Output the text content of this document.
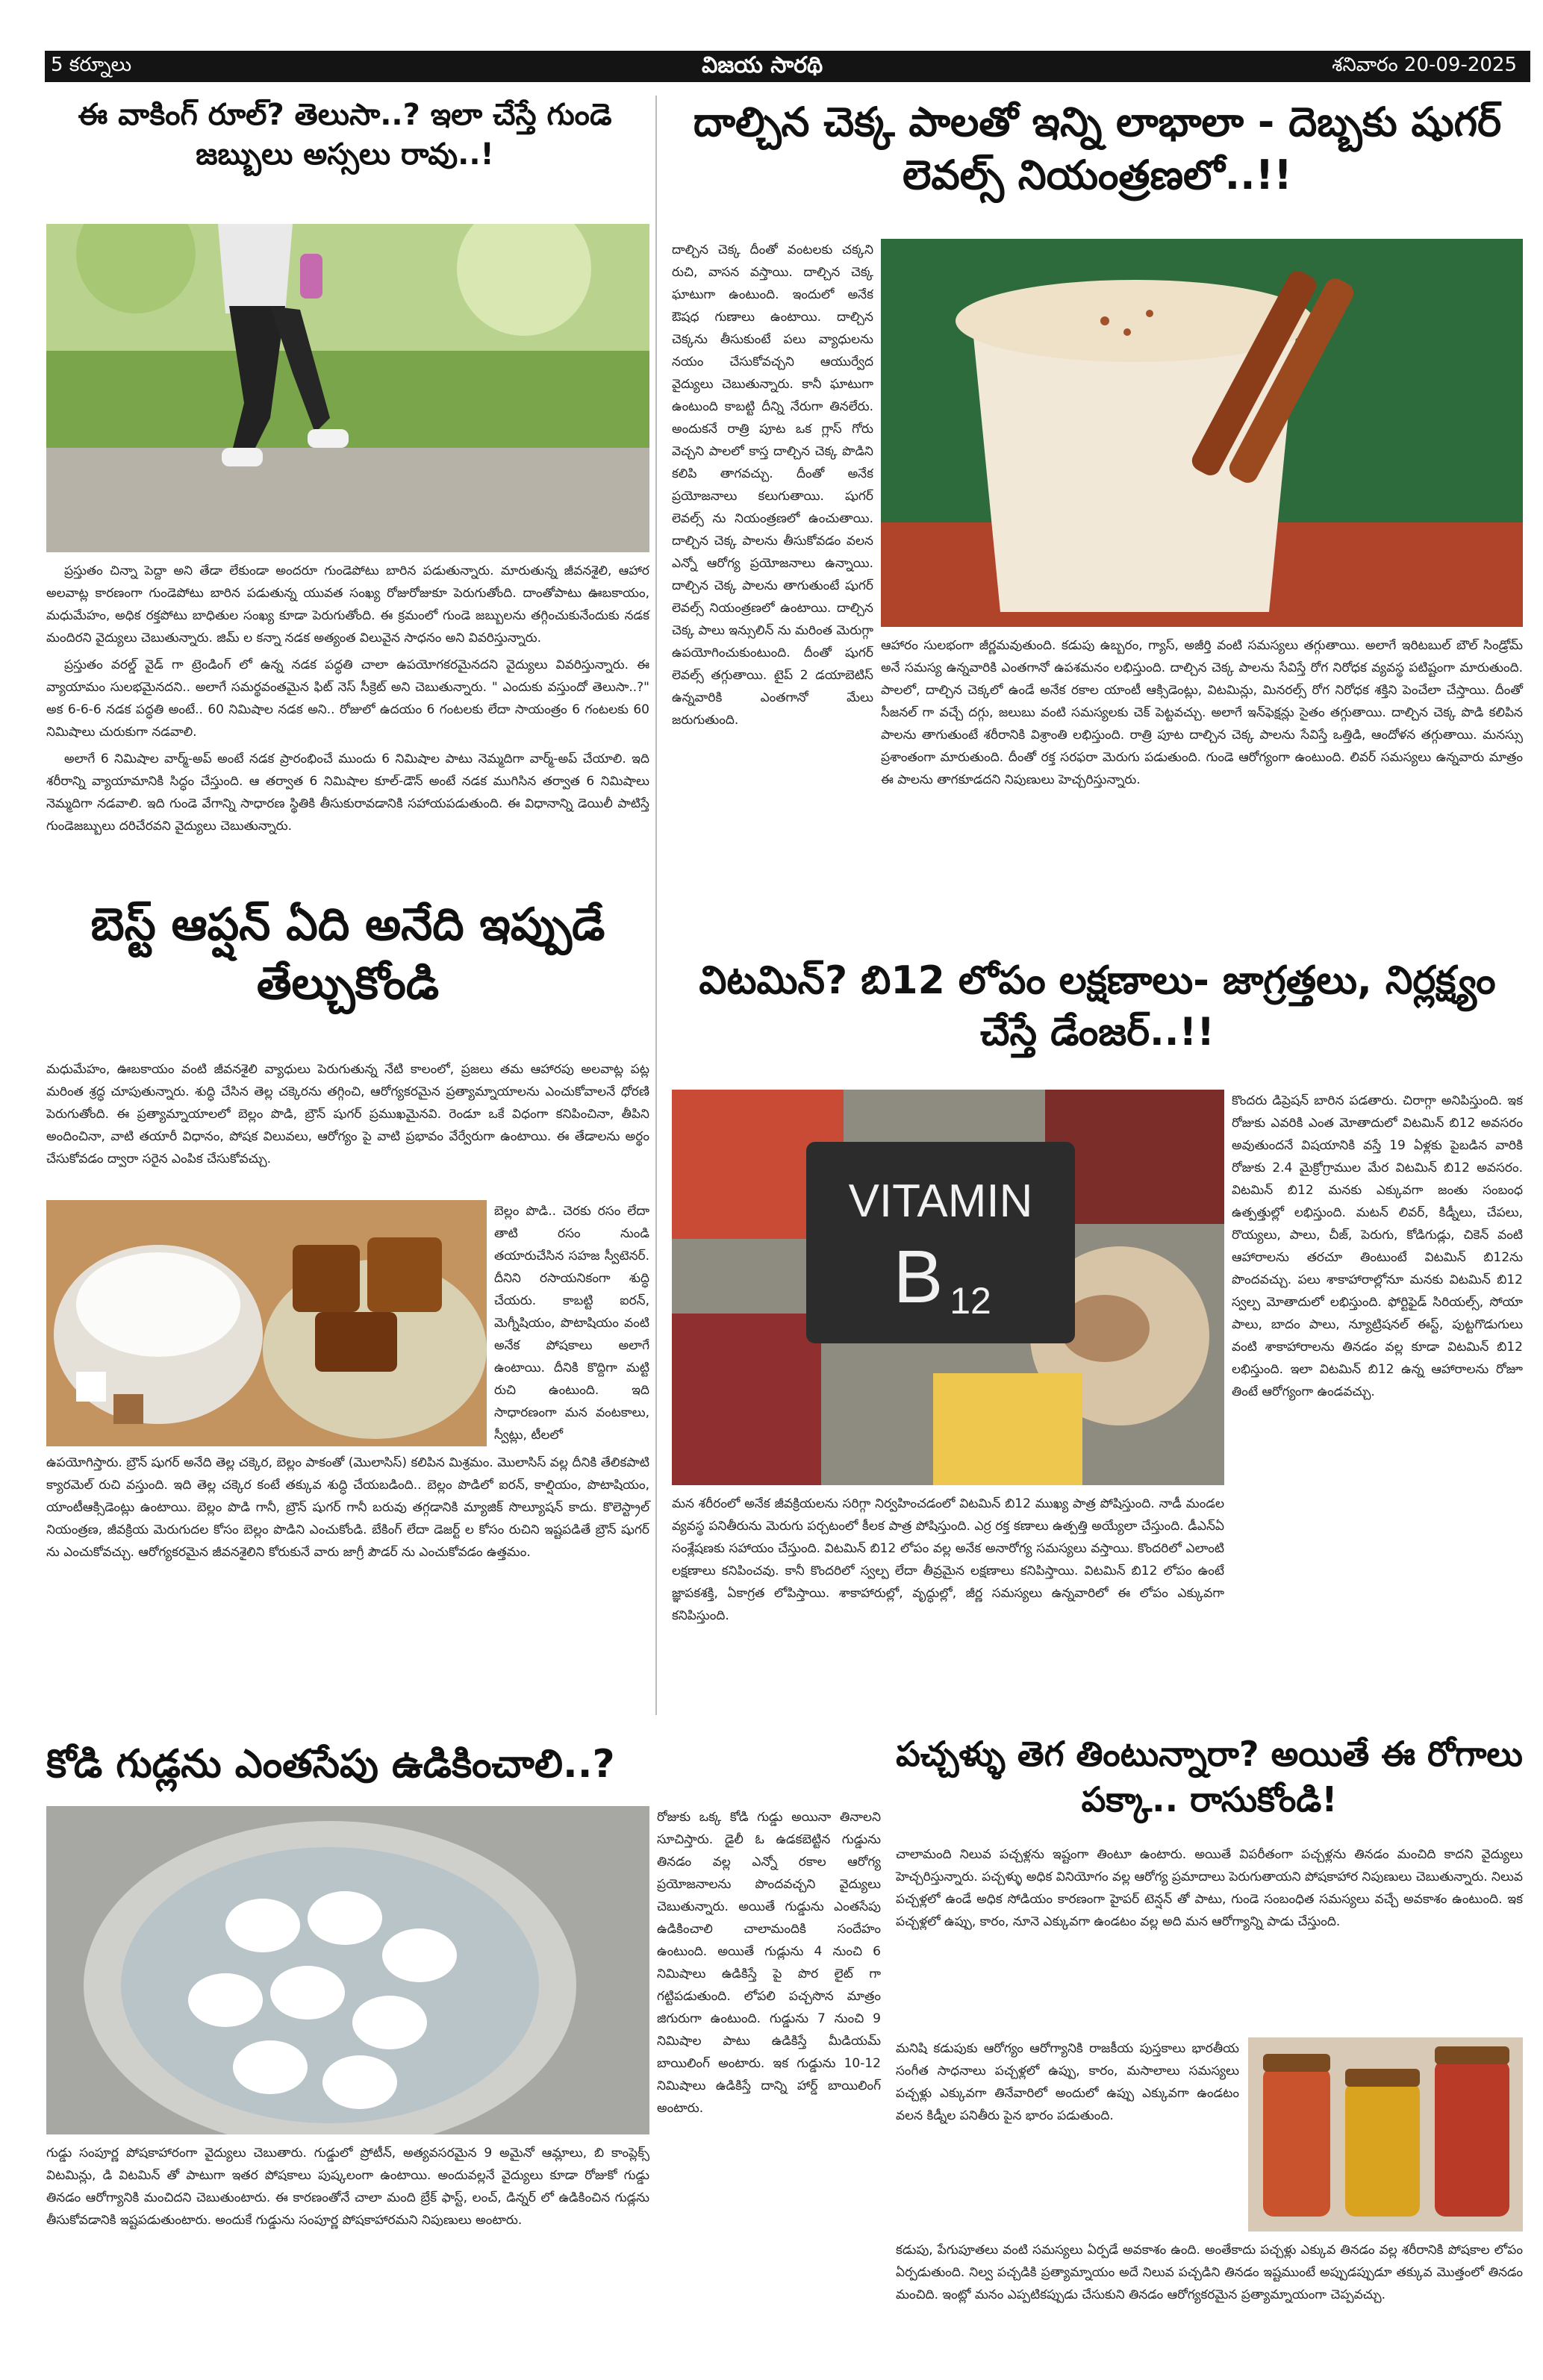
5 కర్నూలు	విజయ సారథి	శనివారం 20-09-2025
ఈ వాకింగ్ రూల్? తెలుసా..? ఇలా చేస్తే గుండె జబ్బులు అస్సలు రావు..!

ప్రస్తుతం చిన్నా పెద్దా అని తేడా లేకుండా అందరూ గుండెపోటు బారిన పడుతున్నారు. మారుతున్న జీవనశైలి, ఆహార అలవాట్ల కారణంగా గుండెపోటు బారిన పడుతున్న యువత సంఖ్య రోజురోజుకూ పెరుగుతోంది. దాంతోపాటు ఊబకాయం, మధుమేహం, అధిక రక్తపోటు బాధితుల సంఖ్య కూడా పెరుగుతోంది. ఈ క్రమంలో గుండె జబ్బులను తగ్గించుకునేందుకు నడక మందిరని వైద్యులు చెబుతున్నారు. జిమ్ ల కన్నా నడక అత్యంత విలువైన సాధనం అని వివరిస్తున్నారు.

ప్రస్తుతం వరల్డ్ వైడ్ గా ట్రెండింగ్ లో ఉన్న నడక పద్ధతి చాలా ఉపయోగకరమైనదని వైద్యులు వివరిస్తున్నారు. ఈ వ్యాయామం సులభమైనదని.. అలాగే సమర్థవంతమైన ఫిట్ నెస్ సీక్రెట్ అని చెబుతున్నారు. " ఎందుకు వస్తుందో తెలుసా..?" అక 6-6-6 నడక పద్ధతి అంటే.. 60 నిమిషాల నడక అని.. రోజులో ఉదయం 6 గంటలకు లేదా సాయంత్రం 6 గంటలకు 60 నిమిషాలు చురుకుగా నడవాలి.

అలాగే 6 నిమిషాల వార్మ్-అప్ అంటే నడక ప్రారంభించే ముందు 6 నిమిషాల పాటు నెమ్మదిగా వార్మ్-అప్ చేయాలి. ఇది శరీరాన్ని వ్యాయామానికి సిద్ధం చేస్తుంది. ఆ తర్వాత 6 నిమిషాల కూల్-డౌన్ అంటే నడక ముగిసిన తర్వాత 6 నిమిషాలు నెమ్మదిగా నడవాలి. ఇది గుండె వేగాన్ని సాధారణ స్థితికి తీసుకురావడానికి సహాయపడుతుంది. ఈ విధానాన్ని డెయిలీ పాటిస్తే గుండెజబ్బులు దరిచేరవని వైద్యులు చెబుతున్నారు.

బెస్ట్ ఆప్షన్ ఏది అనేది ఇప్పుడే తేల్చుకోండి
మధుమేహం, ఊబకాయం వంటి జీవనశైలి వ్యాధులు పెరుగుతున్న నేటి కాలంలో, ప్రజలు తమ ఆహారపు అలవాట్ల పట్ల మరింత శ్రద్ధ చూపుతున్నారు. శుద్ధి చేసిన తెల్ల చక్కెరను తగ్గించి, ఆరోగ్యకరమైన ప్రత్యామ్నాయాలను ఎంచుకోవాలనే ధోరణి పెరుగుతోంది. ఈ ప్రత్యామ్నాయాలలో బెల్లం పొడి, బ్రౌన్ షుగర్ ప్రముఖమైనవి. రెండూ ఒకే విధంగా కనిపించినా, తీపిని అందించినా, వాటి తయారీ విధానం, పోషక విలువలు, ఆరోగ్యం పై వాటి ప్రభావం వేర్వేరుగా ఉంటాయి. ఈ తేడాలను అర్థం చేసుకోవడం ద్వారా సరైన ఎంపిక చేసుకోవచ్చు.
బెల్లం పొడి.. చెరకు రసం లేదా తాటి రసం నుండి తయారుచేసిన సహజ స్వీటెనర్. దీనిని రసాయనికంగా శుద్ధి చేయరు. కాబట్టి ఐరన్, మెగ్నీషియం, పొటాషియం వంటి అనేక పోషకాలు అలాగే ఉంటాయి. దీనికి కొద్దిగా మట్టి రుచి ఉంటుంది. ఇది సాధారణంగా మన వంటకాలు, స్వీట్లు, టీలలో
ఉపయోగిస్తారు. బ్రౌన్ షుగర్ అనేది తెల్ల చక్కెర, బెల్లం పాకంతో (మొలాసిస్) కలిపిన మిశ్రమం. మొలాసిస్ వల్ల దీనికి తేలికపాటి క్యారమెల్ రుచి వస్తుంది. ఇది తెల్ల చక్కెర కంటే తక్కువ శుద్ధి చేయబడింది.. బెల్లం పొడిలో ఐరన్, కాల్షియం, పొటాషియం, యాంటీఆక్సిడెంట్లు ఉంటాయి. బెల్లం పొడి గానీ, బ్రౌన్ షుగర్ గానీ బరువు తగ్గడానికి మ్యాజిక్ సొల్యూషన్ కాదు. కొలెస్ట్రాల్ నియంత్రణ, జీవక్రియ మెరుగుదల కోసం బెల్లం పొడిని ఎంచుకోండి. బేకింగ్ లేదా డెజర్ట్ ల కోసం రుచిని ఇష్టపడితే బ్రౌన్ షుగర్ ను ఎంచుకోవచ్చు. ఆరోగ్యకరమైన జీవనశైలిని కోరుకునే వారు జాగ్రీ పౌడర్ ను ఎంచుకోవడం ఉత్తమం.
కోడి గుడ్లను ఎంతసేపు ఉడికించాలి..?
రోజుకు ఒక్క కోడి గుడ్డు అయినా తినాలని సూచిస్తారు. డైలీ ఓ ఉడకబెట్టిన గుడ్డును తినడం వల్ల ఎన్నో రకాల ఆరోగ్య ప్రయోజనాలను పొందవచ్చని వైద్యులు చెబుతున్నారు. అయితే గుడ్డును ఎంతసేపు ఉడికించాలి చాలామందికి సందేహం ఉంటుంది. అయితే గుడ్లును 4 నుంచి 6 నిమిషాలు ఉడికిస్తే పై పొర లైట్ గా గట్టిపడుతుంది. లోపలి పచ్చసొన మాత్రం జిగురుగా ఉంటుంది. గుడ్డును 7 నుంచి 9 నిమిషాల పాటు ఉడికిస్తే మీడియమ్ బాయిలింగ్ అంటారు. ఇక గుడ్డును 10-12 నిమిషాలు ఉడికిస్తే దాన్ని హార్డ్ బాయిలింగ్ అంటారు.
గుడ్డు సంపూర్ణ పోషకాహారంగా వైద్యులు చెబుతారు. గుడ్డులో ప్రోటీన్, అత్యవసరమైన 9 అమైనో ఆమ్లాలు, బి కాంప్లెక్స్ విటమిన్లు, డి విటమిన్ తో పాటుగా ఇతర పోషకాలు పుష్కలంగా ఉంటాయి. అందువల్లనే వైద్యులు కూడా రోజుకో గుడ్డు తినడం ఆరోగ్యానికి మంచిదని చెబుతుంటారు. ఈ కారణంతోనే చాలా మంది బ్రేక్ ఫాస్ట్, లంచ్, డిన్నర్ లో ఉడికించిన గుడ్లను తీసుకోవడానికి ఇష్టపడుతుంటారు. అందుకే గుడ్డును సంపూర్ణ పోషకాహారమని నిపుణులు అంటారు.
దాల్చిన చెక్క పాలతో ఇన్ని లాభాలా - దెబ్బకు షుగర్ లెవల్స్ నియంత్రణలో..!!
దాల్చిన చెక్క దీంతో వంటలకు చక్కని రుచి, వాసన వస్తాయి. దాల్చిన చెక్క ఘాటుగా ఉంటుంది. ఇందులో అనేక ఔషధ గుణాలు ఉంటాయి. దాల్చిన చెక్కను తీసుకుంటే పలు వ్యాధులను నయం చేసుకోవచ్చని ఆయుర్వేద వైద్యులు చెబుతున్నారు. కానీ ఘాటుగా ఉంటుంది కాబట్టి దీన్ని నేరుగా తినలేరు. అందుకనే రాత్రి పూట ఒక గ్లాస్ గోరు వెచ్చని పాలలో కాస్త దాల్చిన చెక్క పొడిని కలిపి తాగవచ్చు. దీంతో అనేక ప్రయోజనాలు కలుగుతాయి. షుగర్ లెవల్స్ ను నియంత్రణలో ఉంచుతాయి. దాల్చిన చెక్క పాలను తీసుకోవడం వలన ఎన్నో ఆరోగ్య ప్రయోజనాలు ఉన్నాయి. దాల్చిన చెక్క పాలను తాగుతుంటే షుగర్ లెవల్స్ నియంత్రణలో ఉంటాయి. దాల్చిన చెక్క పాలు ఇన్సులిన్ ను మరింత మెరుగ్గా ఉపయోగించుకుంటుంది. దీంతో షుగర్ లెవల్స్ తగ్గుతాయి. టైప్ 2 డయాబెటిస్ ఉన్నవారికి ఎంతగానో మేలు జరుగుతుంది.
ఆహారం సులభంగా జీర్ణమవుతుంది. కడుపు ఉబ్బరం, గ్యాస్, అజీర్తి వంటి సమస్యలు తగ్గుతాయి. అలాగే ఇరిటబుల్ బౌల్ సిండ్రోమ్ అనే సమస్య ఉన్నవారికి ఎంతగానో ఉపశమనం లభిస్తుంది. దాల్చిన చెక్క పాలను సేవిస్తే రోగ నిరోధక వ్యవస్థ పటిష్టంగా మారుతుంది. పాలలో, దాల్చిన చెక్కలో ఉండే అనేక రకాల యాంటీ ఆక్సిడెంట్లు, విటమిన్లు, మినరల్స్ రోగ నిరోధక శక్తిని పెంచేలా చేస్తాయి. దీంతో సీజనల్ గా వచ్చే దగ్గు, జలుబు వంటి సమస్యలకు చెక్ పెట్టవచ్చు. అలాగే ఇన్‌ఫెక్షన్లు సైతం తగ్గుతాయి. దాల్చిన చెక్క పొడి కలిపిన పాలను తాగుతుంటే శరీరానికి విశ్రాంతి లభిస్తుంది. రాత్రి పూట దాల్చిన చెక్క పాలను సేవిస్తే ఒత్తిడి, ఆందోళన తగ్గుతాయి. మనస్సు ప్రశాంతంగా మారుతుంది. దీంతో రక్త సరఫరా మెరుగు పడుతుంది. గుండె ఆరోగ్యంగా ఉంటుంది. లివర్ సమస్యలు ఉన్నవారు మాత్రం ఈ పాలను తాగకూడదని నిపుణులు హెచ్చరిస్తున్నారు.
విటమిన్? బి12 లోపం లక్షణాలు- జాగ్రత్తలు, నిర్లక్ష్యం చేస్తే డేంజర్..!!
VITAMIN
B 12
కొందరు డిప్రెషన్ బారిన పడతారు. చిరాగ్గా అనిపిస్తుంది. ఇక రోజుకు ఎవరికి ఎంత మోతాదులో విటమిన్ బి12 అవసరం అవుతుందనే విషయానికి వస్తే 19 ఏళ్లకు పైబడిన వారికి రోజుకు 2.4 మైక్రోగ్రాముల మేర విటమిన్ బి12 అవసరం. విటమిన్ బి12 మనకు ఎక్కువగా జంతు సంబంధ ఉత్పత్తుల్లో లభిస్తుంది. మటన్ లివర్, కిడ్నీలు, చేపలు, రొయ్యలు, పాలు, చీజ్, పెరుగు, కోడిగుడ్లు, చికెన్ వంటి ఆహారాలను తరచూ తింటుంటే విటమిన్ బి12ను పొందవచ్చు. పలు శాకాహారాల్లోనూ మనకు విటమిన్ బి12 స్వల్ప మోతాదులో లభిస్తుంది. ఫోర్టిఫైడ్ సిరియల్స్, సోయా పాలు, బాదం పాలు, న్యూట్రిషనల్ ఈస్ట్, పుట్టగొడుగులు వంటి శాకాహారాలను తినడం వల్ల కూడా విటమిన్ బి12 లభిస్తుంది. ఇలా విటమిన్ బి12 ఉన్న ఆహారాలను రోజూ తింటే ఆరోగ్యంగా ఉండవచ్చు.
మన శరీరంలో అనేక జీవక్రియలను సరిగ్గా నిర్వహించడంలో విటమిన్ బి12 ముఖ్య పాత్ర పోషిస్తుంది. నాడీ మండల వ్యవస్థ పనితీరును మెరుగు పర్చటంలో కీలక పాత్ర పోషిస్తుంది. ఎర్ర రక్త కణాలు ఉత్పత్తి అయ్యేలా చేస్తుంది. డీఎన్ఏ సంశ్లేషణకు సహాయం చేస్తుంది. విటమిన్ బి12 లోపం వల్ల అనేక అనారోగ్య సమస్యలు వస్తాయి. కొందరిలో ఎలాంటి లక్షణాలు కనిపించవు. కానీ కొందరిలో స్వల్ప లేదా తీవ్రమైన లక్షణాలు కనిపిస్తాయి. విటమిన్ బి12 లోపం ఉంటే జ్ఞాపకశక్తి, ఏకాగ్రత లోపిస్తాయి. శాకాహారుల్లో, వృద్ధుల్లో, జీర్ణ సమస్యలు ఉన్నవారిలో ఈ లోపం ఎక్కువగా కనిపిస్తుంది.
పచ్చళ్ళు తెగ తింటున్నారా? అయితే ఈ రోగాలు పక్కా.. రాసుకోండి!
చాలామంది నిలువ పచ్చళ్లను ఇష్టంగా తింటూ ఉంటారు. అయితే విపరీతంగా పచ్చళ్లను తినడం మంచిది కాదని వైద్యులు హెచ్చరిస్తున్నారు. పచ్చళ్ళు అధిక వినియోగం వల్ల ఆరోగ్య ప్రమాదాలు పెరుగుతాయని పోషకాహార నిపుణులు చెబుతున్నారు. నిలువ పచ్చళ్లలో ఉండే అధిక సోడియం కారణంగా హైపర్ టెన్షన్ తో పాటు, గుండె సంబంధిత సమస్యలు వచ్చే అవకాశం ఉంటుంది. ఇక పచ్చళ్లలో ఉప్పు, కారం, నూనె ఎక్కువగా ఉండటం వల్ల అది మన ఆరోగ్యాన్ని పాడు చేస్తుంది.
మనిషి కడుపుకు ఆరోగ్యం ఆరోగ్యానికి రాజకీయ పుస్తకాలు భారతీయ సంగీత సాధనాలు పచ్చళ్లలో ఉప్పు, కారం, మసాలాలు సమస్యలు పచ్చళ్లు ఎక్కువగా తినేవారిలో అందులో ఉప్పు ఎక్కువగా ఉండటం వలన కిడ్నీల పనితీరు పైన భారం పడుతుంది.
కడుపు, పేగుపూతలు వంటి సమస్యలు ఏర్పడే అవకాశం ఉంది. అంతేకాదు పచ్చళ్లు ఎక్కువ తినడం వల్ల శరీరానికి పోషకాల లోపం ఏర్పడుతుంది. నిల్వ పచ్చడికి ప్రత్యామ్నాయం అదే నిలువ పచ్చడిని తినడం ఇష్టముంటే అప్పుడప్పుడూ తక్కువ మొత్తంలో తినడం మంచిది. ఇంట్లో మనం ఎప్పటికప్పుడు చేసుకుని తినడం ఆరోగ్యకరమైన ప్రత్యామ్నాయంగా చెప్పవచ్చు.
